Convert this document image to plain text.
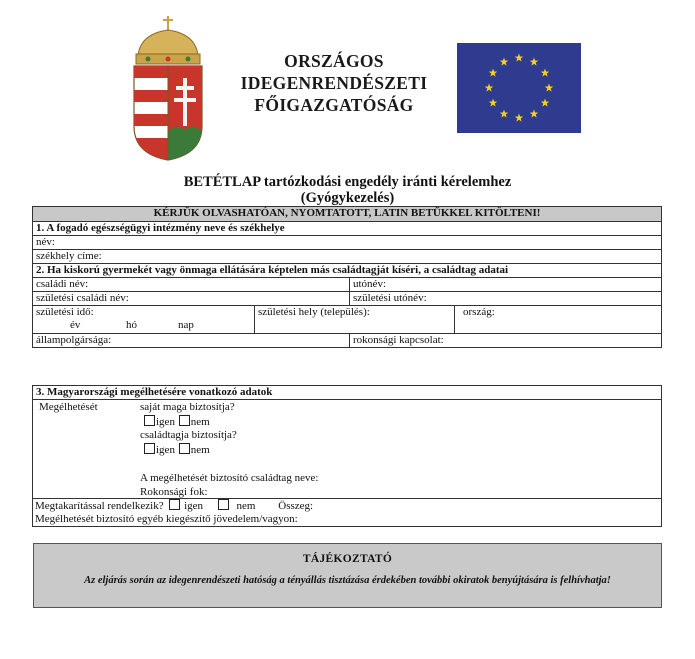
ORSZÁGOS
IDEGENRENDÉSZETI
FŐIGAZGATÓSÁG
BETÉTLAP tartózkodási engedély iránti kérelemhez
(Gyógykezelés)
KÉRJÜK OLVASHATÓAN, NYOMTATOTT, LATIN BETŰKKEL KITÖLTENI!
1. A fogadó egészségügyi intézmény neve és székhelye
név:
székhely címe:
2. Ha kiskorú gyermekét vagy önmaga ellátására képtelen más családtagját kíséri, a családtag adatai
családi név:	utónév:
születési családi név:	születési utónév:
születési idő:
év	hó	nap
születési hely (település):	ország:
állampolgársága:	rokonsági kapcsolat:
3. Magyarországi megélhetésére vonatkozó adatok
Megélhetését	saját maga biztosítja?
igen nem
családtagja biztosítja?
igen nem
A megélhetését biztosító családtag neve:
Rokonsági fok:
Megtakarítással rendelkezik? igen	nem Összeg:
Megélhetését biztosító egyéb kiegészítő jövedelem/vagyon:
TÁJÉKOZTATÓ
Az eljárás során az idegenrendészeti hatóság a tényállás tisztázása érdekében további okiratok benyújtására is felhívhatja!
